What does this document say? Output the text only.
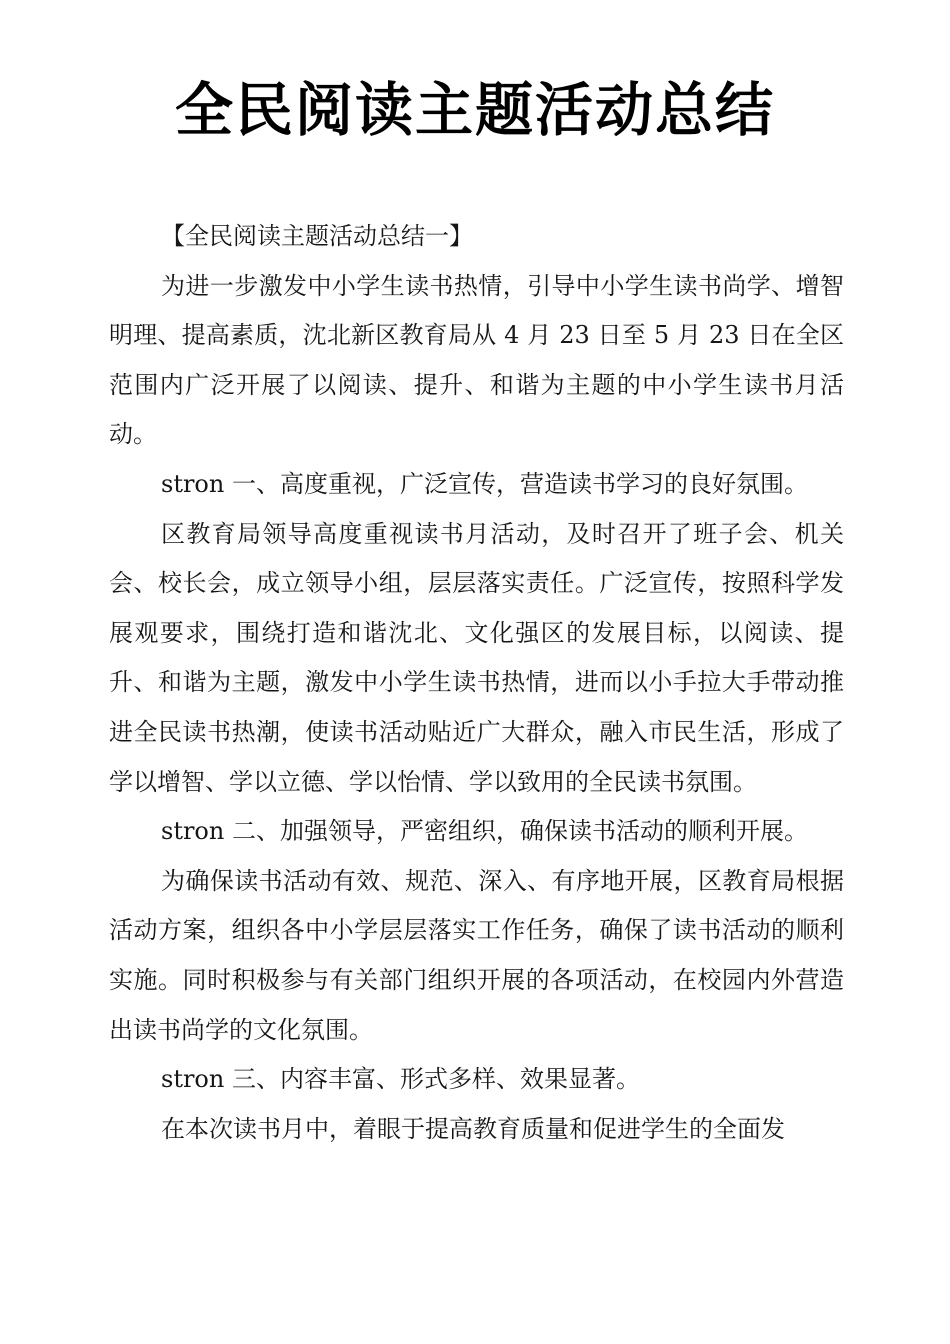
全民阅读主题活动总结

【全民阅读主题活动总结一】

为进一步激发中小学生读书热情，引导中小学生读书尚学、增智明理、提高素质，沈北新区教育局从 4 月 23 日至 5 月 23 日在全区范围内广泛开展了以阅读、提升、和谐为主题的中小学生读书月活动。

stron 一、高度重视，广泛宣传，营造读书学习的良好氛围。

区教育局领导高度重视读书月活动，及时召开了班子会、机关会、校长会，成立领导小组，层层落实责任。广泛宣传，按照科学发展观要求，围绕打造和谐沈北、文化强区的发展目标，以阅读、提升、和谐为主题，激发中小学生读书热情，进而以小手拉大手带动推进全民读书热潮，使读书活动贴近广大群众，融入市民生活，形成了学以增智、学以立德、学以怡情、学以致用的全民读书氛围。

stron 二、加强领导，严密组织，确保读书活动的顺利开展。

为确保读书活动有效、规范、深入、有序地开展，区教育局根据活动方案，组织各中小学层层落实工作任务，确保了读书活动的顺利实施。同时积极参与有关部门组织开展的各项活动，在校园内外营造出读书尚学的文化氛围。

stron 三、内容丰富、形式多样、效果显著。

在本次读书月中，着眼于提高教育质量和促进学生的全面发
